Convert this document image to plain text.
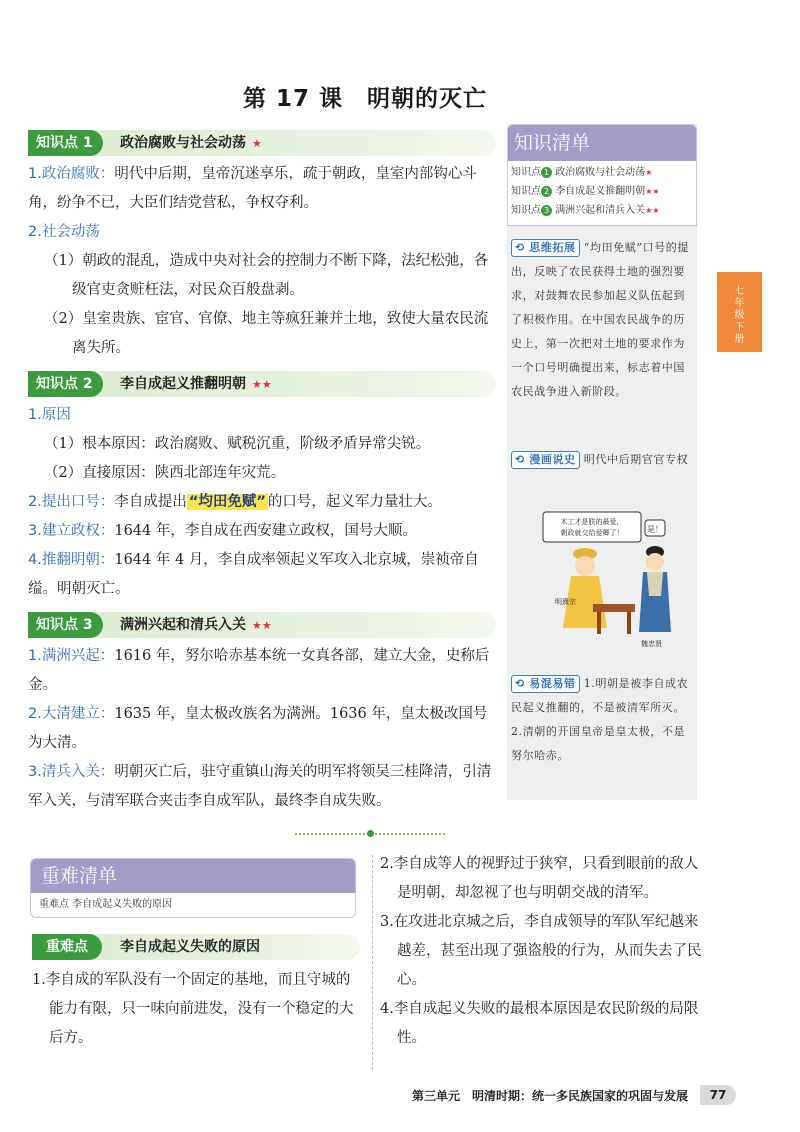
第 17 课　明朝的灭亡
知识点 1	政治腐败与社会动荡 ★
1.政治腐败：明代中后期，皇帝沉迷享乐，疏于朝政，皇室内部钩心斗角，纷争不已，大臣们结党营私，争权夺利。
2.社会动荡
（1）朝政的混乱，造成中央对社会的控制力不断下降，法纪松弛，各级官吏贪赃枉法，对民众百般盘剥。
（2）皇室贵族、宦官、官僚、地主等疯狂兼并土地，致使大量农民流离失所。
知识点 2	李自成起义推翻明朝 ★★
1.原因
（1）根本原因：政治腐败、赋税沉重，阶级矛盾异常尖锐。
（2）直接原因：陕西北部连年灾荒。
2.提出口号：李自成提出 “均田免赋” 的口号，起义军力量壮大。
3.建立政权：1644 年，李自成在西安建立政权，国号大顺。
4.推翻明朝：1644 年 4 月，李自成率领起义军攻入北京城，崇祯帝自缢。明朝灭亡。
知识点 3	满洲兴起和清兵入关 ★★
1.满洲兴起：1616 年，努尔哈赤基本统一女真各部，建立大金，史称后金。
2.大清建立：1635 年，皇太极改族名为满洲。1636 年，皇太极改国号为大清。
3.清兵入关：明朝灭亡后，驻守重镇山海关的明军将领吴三桂降清，引清军入关，与清军联合夹击李自成军队，最终李自成失败。
知识清单
知识点 1 政治腐败与社会动荡★
知识点 2 李自成起义推翻明朝★★
知识点 3 满洲兴起和清兵入关★★
⟲ 思维拓展 “均田免赋”口号的提出，反映了农民获得土地的强烈要求，对鼓舞农民参加起义队伍起到了积极作用。在中国农民战争的历史上，第一次把对土地的要求作为一个口号明确提出来，标志着中国农民战争进入新阶段。
⟲ 漫画说史 明代中后期官官专权
木工才是朕的最爱，
朝政就交给爱卿了！	是！
明熹宗
魏忠贤
⟲ 易混易错 1.明朝是被李自成农民起义推翻的，不是被清军所灭。
2.清朝的开国皇帝是皇太极，不是努尔哈赤。
七
年
级
下
册
重难清单
重难点 李自成起义失败的原因
重难点	李自成起义失败的原因
1.李自成的军队没有一个固定的基地，而且守城的能力有限，只一味向前进发，没有一个稳定的大后方。
2.李自成等人的视野过于狭窄，只看到眼前的敌人是明朝，却忽视了也与明朝交战的清军。
3.在攻进北京城之后，李自成领导的军队军纪越来越差，甚至出现了强盗般的行为，从而失去了民心。
4.李自成起义失败的最根本原因是农民阶级的局限性。
第三单元　明清时期：统一多民族国家的巩固与发展	77
